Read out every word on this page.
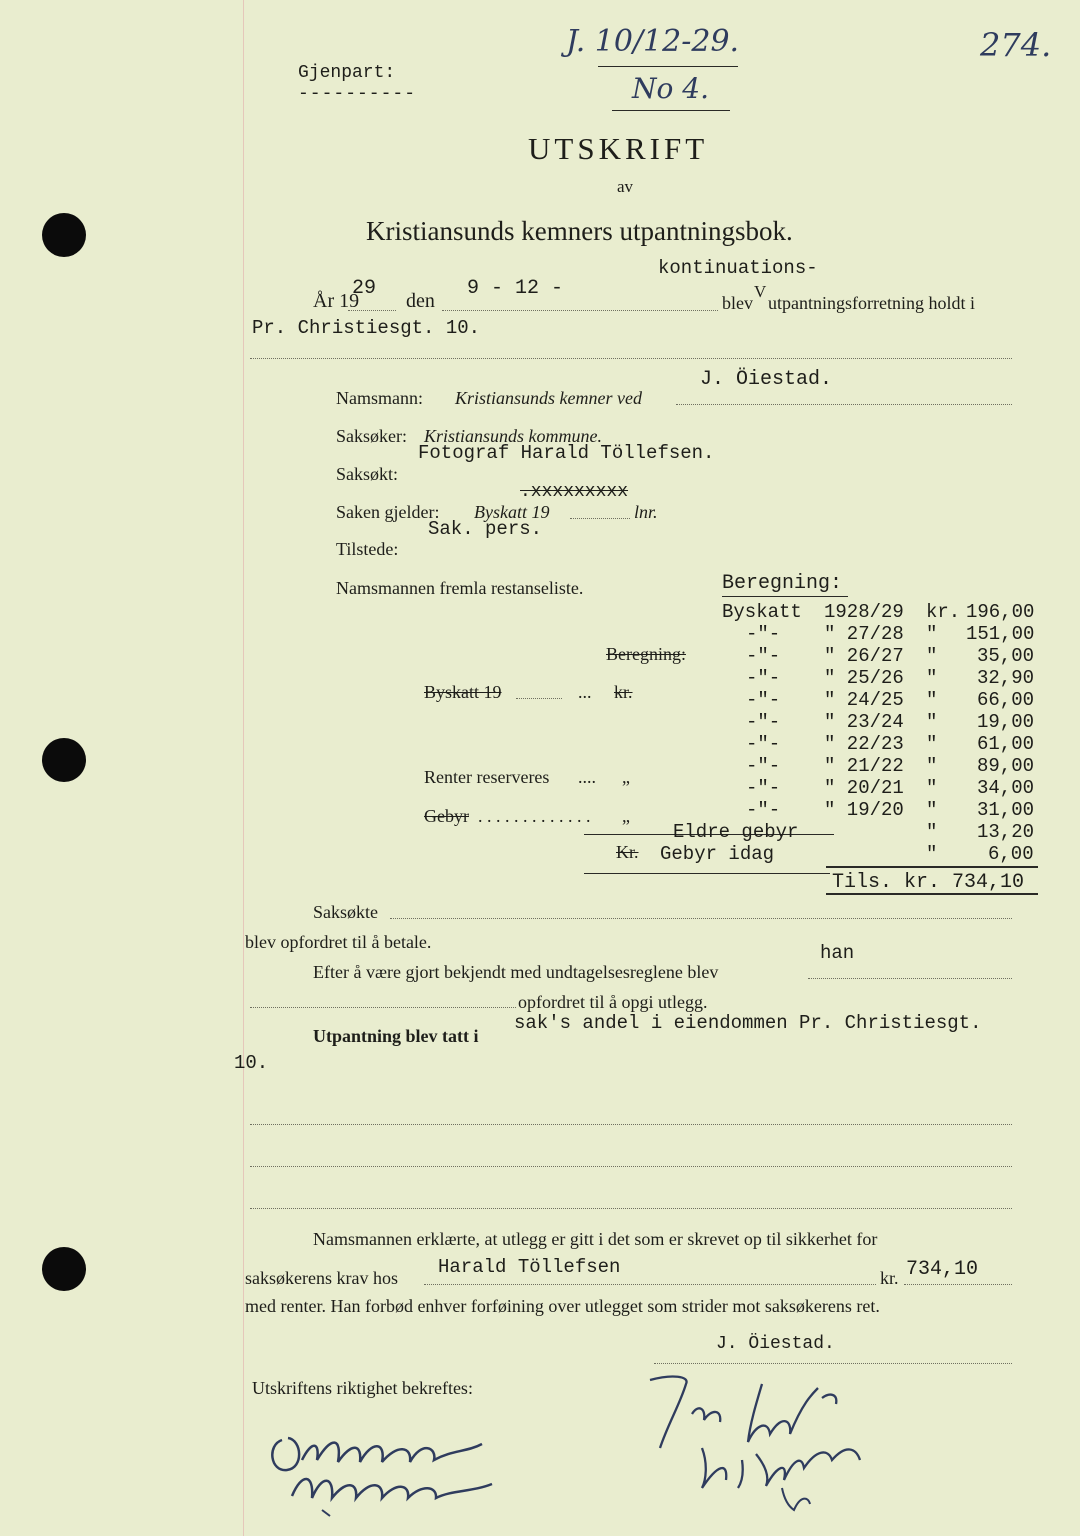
Gjenpart:
----------
J. 10/12-29.
No 4.
274.
UTSKRIFT
av
Kristiansunds kemners utpantningsbok.
kontinuations-
År 19
29
den
9 - 12 -
blev
V
utpantningsforretning holdt i
Pr. Christiesgt. 10.
J. Öiestad.
Namsmann: Kristiansunds kemner ved
Saksøker: Kristiansunds kommune.
Fotograf Harald Töllefsen.
Saksøkt:
.xxxxxxxxx
Saken gjelder: Byskatt 19	lnr.
Sak. pers.
Tilstede:
Namsmannen fremla restanseliste.
Beregning:
Byskatt 19	... kr.
Renter reserveres .... „
Gebyr . . . . . . . . . . . . . „
Kr.
Beregning:
Byskatt 1928/29 kr. 196,00
-"- " 27/28 " 151,00
-"- " 26/27 " 35,00
-"- " 25/26 " 32,90
-"- " 24/25 " 66,00
-"- " 23/24 " 19,00
-"- " 22/23 " 61,00
-"- " 21/22 " 89,00
-"- " 20/21 " 34,00
-"- " 19/20 " 31,00
Eldre gebyr	" 13,20
Gebyr idag	"	6,00
Tils. kr. 734,10
Saksøkte
blev opfordret til å betale.	han
Efter å være gjort bekjendt med undtagelsesreglene blev
opfordret til å opgi utlegg.
sak's andel i eiendommen Pr. Christiesgt.
Utpantning blev tatt i
10.
Namsmannen erklærte, at utlegg er gitt i det som er skrevet op til sikkerhet for
saksøkerens krav hos Harald Töllefsen	kr. 734,10
med renter. Han forbød enhver forføining over utlegget som strider mot saksøkerens ret.
J. Öiestad.
Utskriftens riktighet bekreftes:
